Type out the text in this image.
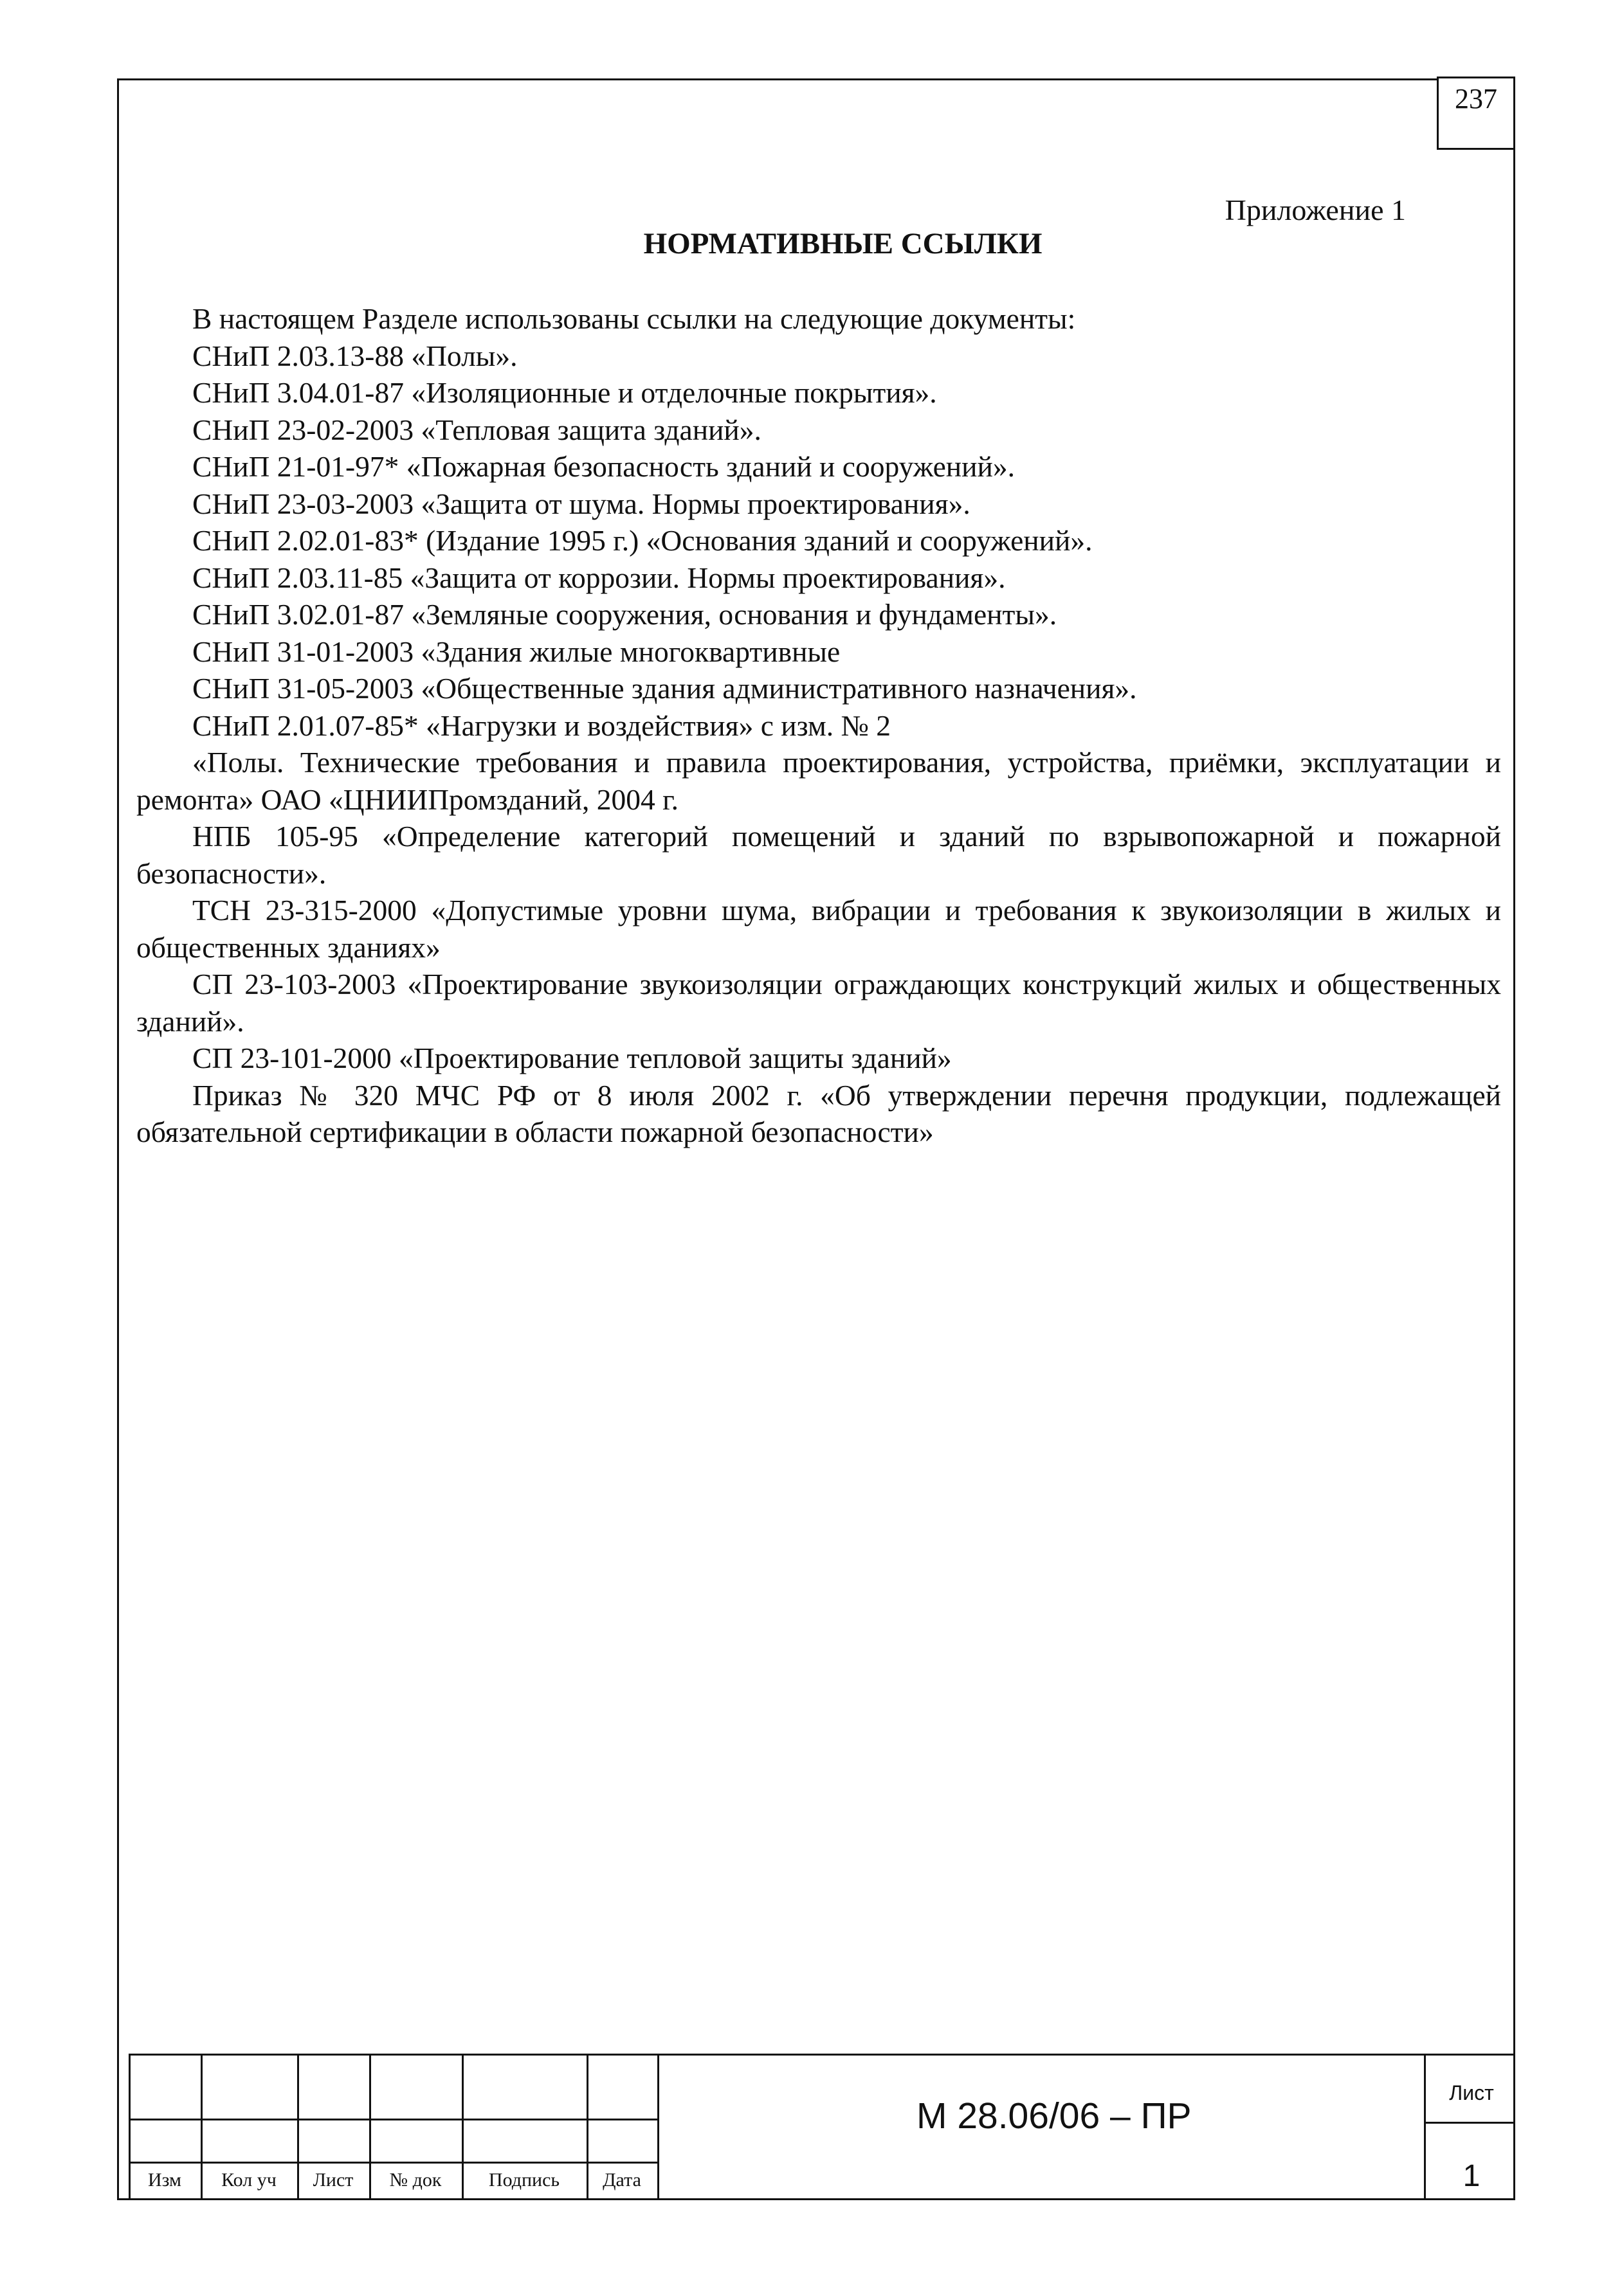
237
Приложение 1
НОРМАТИВНЫЕ ССЫЛКИ

В настоящем Разделе использованы ссылки на следующие документы:

СНиП 2.03.13-88 «Полы».

СНиП 3.04.01-87 «Изоляционные и отделочные покрытия».

СНиП 23-02-2003 «Тепловая защита зданий».

СНиП 21-01-97* «Пожарная безопасность зданий и сооружений».

СНиП 23-03-2003 «Защита от шума. Нормы проектирования».

СНиП 2.02.01-83* (Издание 1995 г.) «Основания зданий и сооружений».

СНиП 2.03.11-85 «Защита от коррозии. Нормы проектирования».

СНиП 3.02.01-87 «Земляные сооружения, основания и фундаменты».

СНиП 31-01-2003 «Здания жилые многоквартивные

СНиП 31-05-2003 «Общественные здания административного назначения».

СНиП 2.01.07-85* «Нагрузки и воздействия» с изм. № 2

«Полы. Технические требования и правила проектирования, устройства, приёмки, эксплуатации и ремонта» ОАО «ЦНИИПромзданий, 2004 г.

НПБ 105-95 «Определение категорий помещений и зданий по взрывопожарной и пожарной безопасности».

ТСН 23-315-2000 «Допустимые уровни шума, вибрации и требования к звукоизоляции в жилых и общественных зданиях»

СП 23-103-2003 «Проектирование звукоизоляции ограждающих конструкций жилых и общественных зданий».

СП 23-101-2000 «Проектирование тепловой защиты зданий»

Приказ № 320 МЧС РФ от 8 июля 2002 г. «Об утверждении перечня продукции, подлежащей обязательной сертификации в области пожарной безопасности»

Изм	Кол уч	Лист	№ док	Подпись	Дата
М 28.06/06 – ПР
Лист
1
